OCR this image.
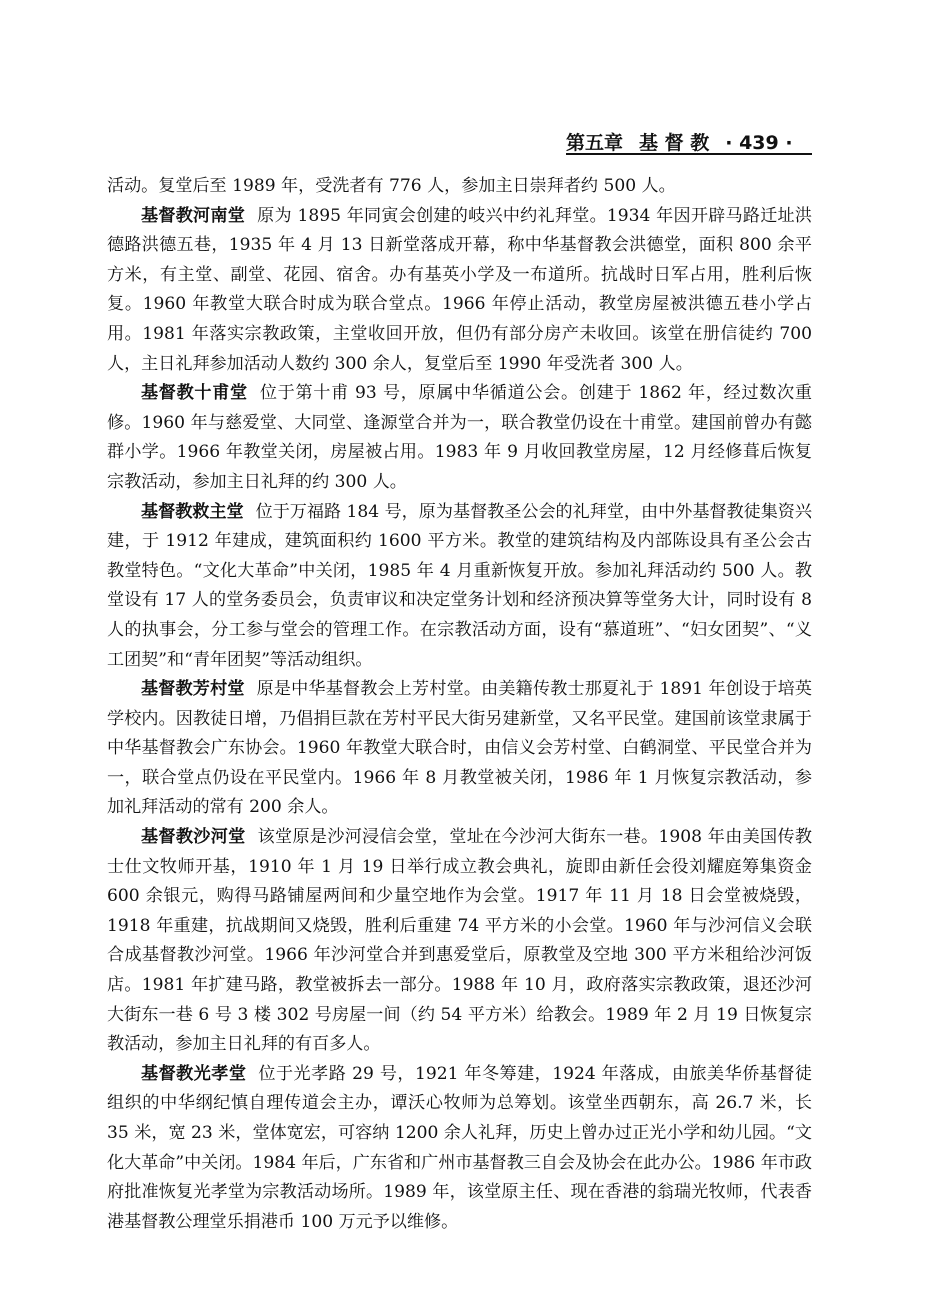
第五章 基 督 教 · 439 ·

活动。复堂后至 1989 年，受洗者有 776 人，参加主日崇拜者约 500 人。

基督教河南堂 原为 1895 年同寅会创建的岐兴中约礼拜堂。1934 年因开辟马路迁址洪德路洪德五巷，1935 年 4 月 13 日新堂落成开幕，称中华基督教会洪德堂，面积 800 余平方米，有主堂、副堂、花园、宿舍。办有基英小学及一布道所。抗战时日军占用，胜利后恢复。1960 年教堂大联合时成为联合堂点。1966 年停止活动，教堂房屋被洪德五巷小学占用。1981 年落实宗教政策，主堂收回开放，但仍有部分房产未收回。该堂在册信徒约 700 人，主日礼拜参加活动人数约 300 余人，复堂后至 1990 年受洗者 300 人。

基督教十甫堂 位于第十甫 93 号，原属中华循道公会。创建于 1862 年，经过数次重修。1960 年与慈爱堂、大同堂、逢源堂合并为一，联合教堂仍设在十甫堂。建国前曾办有懿群小学。1966 年教堂关闭，房屋被占用。1983 年 9 月收回教堂房屋，12 月经修葺后恢复宗教活动，参加主日礼拜的约 300 人。

基督教救主堂 位于万福路 184 号，原为基督教圣公会的礼拜堂，由中外基督教徒集资兴建，于 1912 年建成，建筑面积约 1600 平方米。教堂的建筑结构及内部陈设具有圣公会古教堂特色。“文化大革命”中关闭，1985 年 4 月重新恢复开放。参加礼拜活动约 500 人。教堂设有 17 人的堂务委员会，负责审议和决定堂务计划和经济预决算等堂务大计，同时设有 8 人的执事会，分工参与堂会的管理工作。在宗教活动方面，设有“慕道班”、“妇女团契”、“义工团契”和“青年团契”等活动组织。

基督教芳村堂 原是中华基督教会上芳村堂。由美籍传教士那夏礼于 1891 年创设于培英学校内。因教徒日增，乃倡捐巨款在芳村平民大街另建新堂，又名平民堂。建国前该堂隶属于中华基督教会广东协会。1960 年教堂大联合时，由信义会芳村堂、白鹤洞堂、平民堂合并为一，联合堂点仍设在平民堂内。1966 年 8 月教堂被关闭，1986 年 1 月恢复宗教活动，参加礼拜活动的常有 200 余人。

基督教沙河堂 该堂原是沙河浸信会堂，堂址在今沙河大街东一巷。1908 年由美国传教士仕文牧师开基，1910 年 1 月 19 日举行成立教会典礼，旋即由新任会役刘耀庭筹集资金 600 余银元，购得马路铺屋两间和少量空地作为会堂。1917 年 11 月 18 日会堂被烧毁，1918 年重建，抗战期间又烧毁，胜利后重建 74 平方米的小会堂。1960 年与沙河信义会联合成基督教沙河堂。1966 年沙河堂合并到惠爱堂后，原教堂及空地 300 平方米租给沙河饭店。1981 年扩建马路，教堂被拆去一部分。1988 年 10 月，政府落实宗教政策，退还沙河大街东一巷 6 号 3 楼 302 号房屋一间（约 54 平方米）给教会。1989 年 2 月 19 日恢复宗教活动，参加主日礼拜的有百多人。

基督教光孝堂 位于光孝路 29 号，1921 年冬筹建，1924 年落成，由旅美华侨基督徒组织的中华纲纪慎自理传道会主办，谭沃心牧师为总筹划。该堂坐西朝东，高 26.7 米，长 35 米，宽 23 米，堂体宽宏，可容纳 1200 余人礼拜，历史上曾办过正光小学和幼儿园。“文化大革命”中关闭。1984 年后，广东省和广州市基督教三自会及协会在此办公。1986 年市政府批准恢复光孝堂为宗教活动场所。1989 年，该堂原主任、现在香港的翁瑞光牧师，代表香港基督教公理堂乐捐港币 100 万元予以维修。
